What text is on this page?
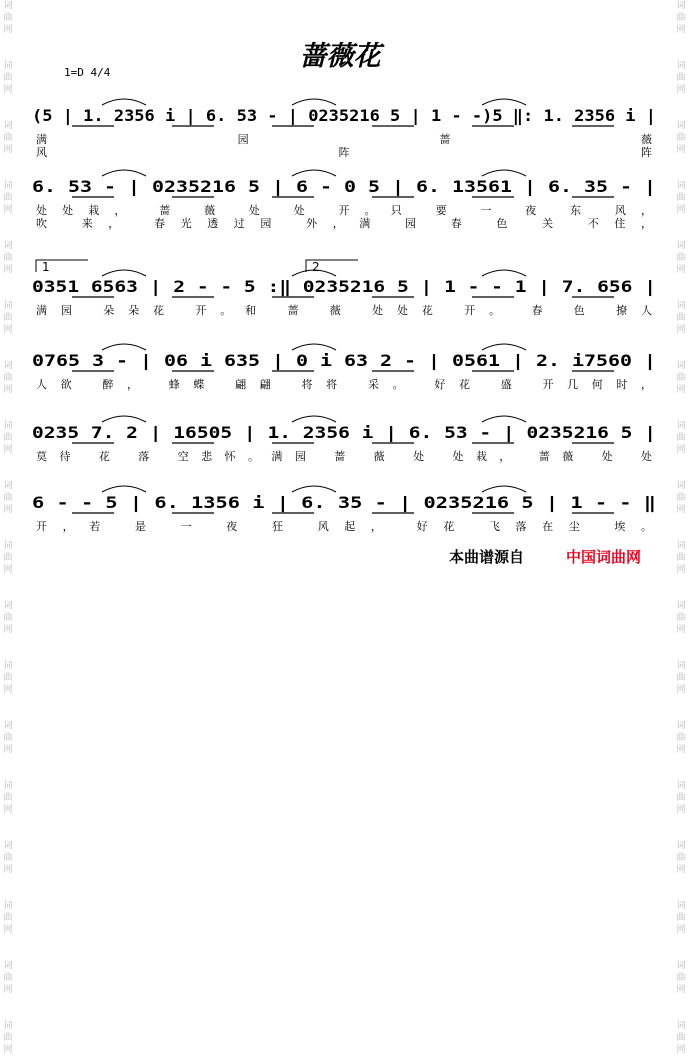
词曲网
词曲网
词曲网
词曲网
词曲网
词曲网
词曲网
词曲网
词曲网
词曲网
词曲网
词曲网
词曲网
词曲网
词曲网
词曲网
词曲网
词曲网
词曲网
词曲网
词曲网
词曲网
词曲网
词曲网
词曲网
词曲网
词曲网
词曲网
词曲网
词曲网
词曲网
词曲网
词曲网
词曲网
词曲网
词曲网
蔷薇花
1=D 4/4
(5 | 1. 2356 i | 6. 53 - | 0235216 5 | 1 - -)5 ‖: 1. 2356 i |
满 园 蔷 薇
风 阵 阵
6. 53 - | 0235216 5 | 6 - 0 5 | 6. 13561 | 6. 35 - |
处处栽， 蔷 薇 处 处 开。只 要 一 夜 东 风，
吹 来， 春光透过园 外，满 园 春 色 关 不住，
0351 6563 | 2 - - 5 :‖ 0235216 5 | 1 - - 1 | 7. 656 |
1	2
满园 朵朵花 开。和 蔷 薇 处处花 开。 春 色 撩人
0765 3 - | 06 i 635 | 0 i 63 2 - | 0561 | 2. i7560 |
人欲 醉， 蜂蝶 翩翩 将将 采。 好花 盛 开几何时，
0235 7. 2 | 16505 | 1. 2356 i | 6. 53 - | 0235216 5 |
莫待 花 落 空悲怀。满园 蔷 薇 处 处栽， 蔷薇 处 处
6 - - 5 | 6. 1356 i | 6. 35 - | 0235216 5 | 1 - - ‖
开，若 是 一 夜 狂 风起， 好花 飞落在尘 埃。
本曲谱源自	中国词曲网
